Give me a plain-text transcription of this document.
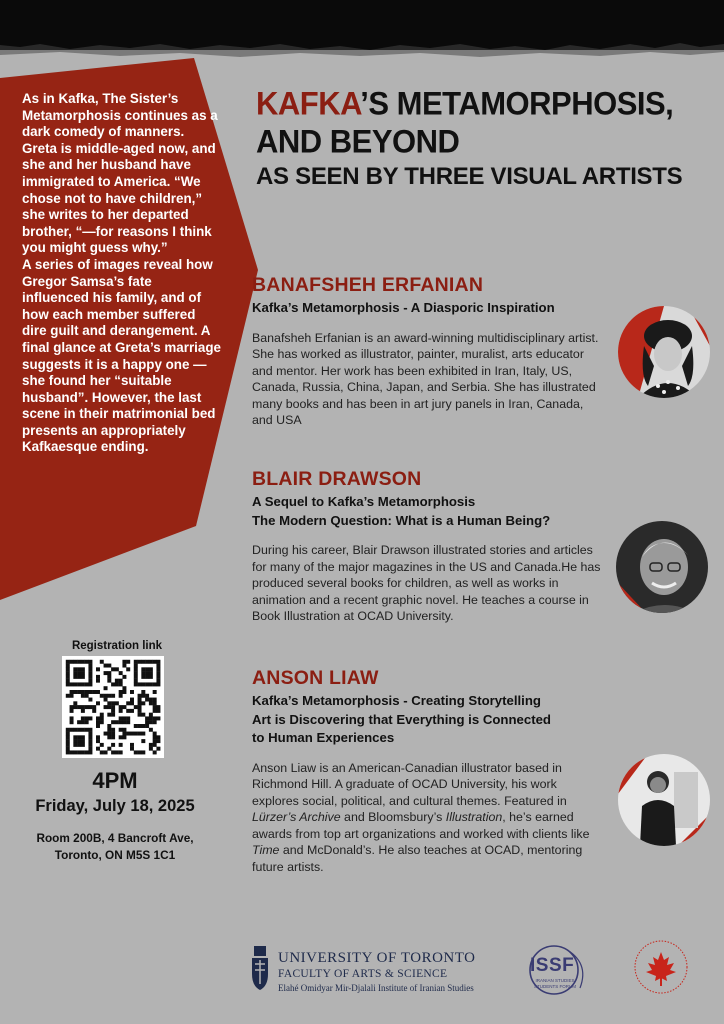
As in Kafka, The Sister’s Metamorphosis continues as a dark comedy of manners. Greta is middle-aged now, and she and her husband have immigrated to America. “We chose not to have children,” she writes to her departed brother, “—for reasons I think you might guess why.”
A series of images reveal how Gregor Samsa’s fate influenced his family, and of how each member suffered dire guilt and derangement. A final glance at Greta’s marriage suggests it is a happy one — she found her “suitable husband”. However, the last scene in their matrimonial bed presents an appropriately Kafkaesque ending.
KAFKA’S METAMORPHOSIS,
AND BEYOND
AS SEEN BY THREE VISUAL ARTISTS
BANAFSHEH ERFANIAN
Kafka’s Metamorphosis - A Diasporic Inspiration
Banafsheh Erfanian is an award-winning multidisciplinary artist. She has worked as illustrator, painter, muralist, arts educator and mentor. Her work has been exhibited in Iran, Italy, US, Canada, Russia, China, Japan, and Serbia. She has illustrated many books and has been in art jury panels in Iran, Canada, and USA
BLAIR DRAWSON
A Sequel to Kafka’s Metamorphosis
The Modern Question: What is a Human Being?
During his career, Blair Drawson illustrated stories and articles for many of the major magazines in the US and Canada.He has produced several books for children, as well as works in animation and a recent graphic novel. He teaches a course in Book Illustration at OCAD University.
ANSON LIAW
Kafka’s Metamorphosis - Creating Storytelling
Art is Discovering that Everything is Connected
to Human Experiences
Anson Liaw is an American-Canadian illustrator based in Richmond Hill. A graduate of OCAD University, his work explores social, political, and cultural themes. Featured in Lürzer’s Archive and Bloomsbury’s Illustration, he’s earned awards from top art organizations and worked with clients like Time and McDonald’s. He also teaches at OCAD, mentoring future artists.
Registration link
4PM
Friday, July 18, 2025
Room 200B, 4 Bancroft Ave,
Toronto, ON M5S 1C1
UNIVERSITY OF TORONTO
FACULTY OF ARTS & SCIENCE
Elahé Omidyar Mir-Djalali Institute of Iranian Studies
ISSF
IRANIAN STUDIES STUDENTS FORUM
